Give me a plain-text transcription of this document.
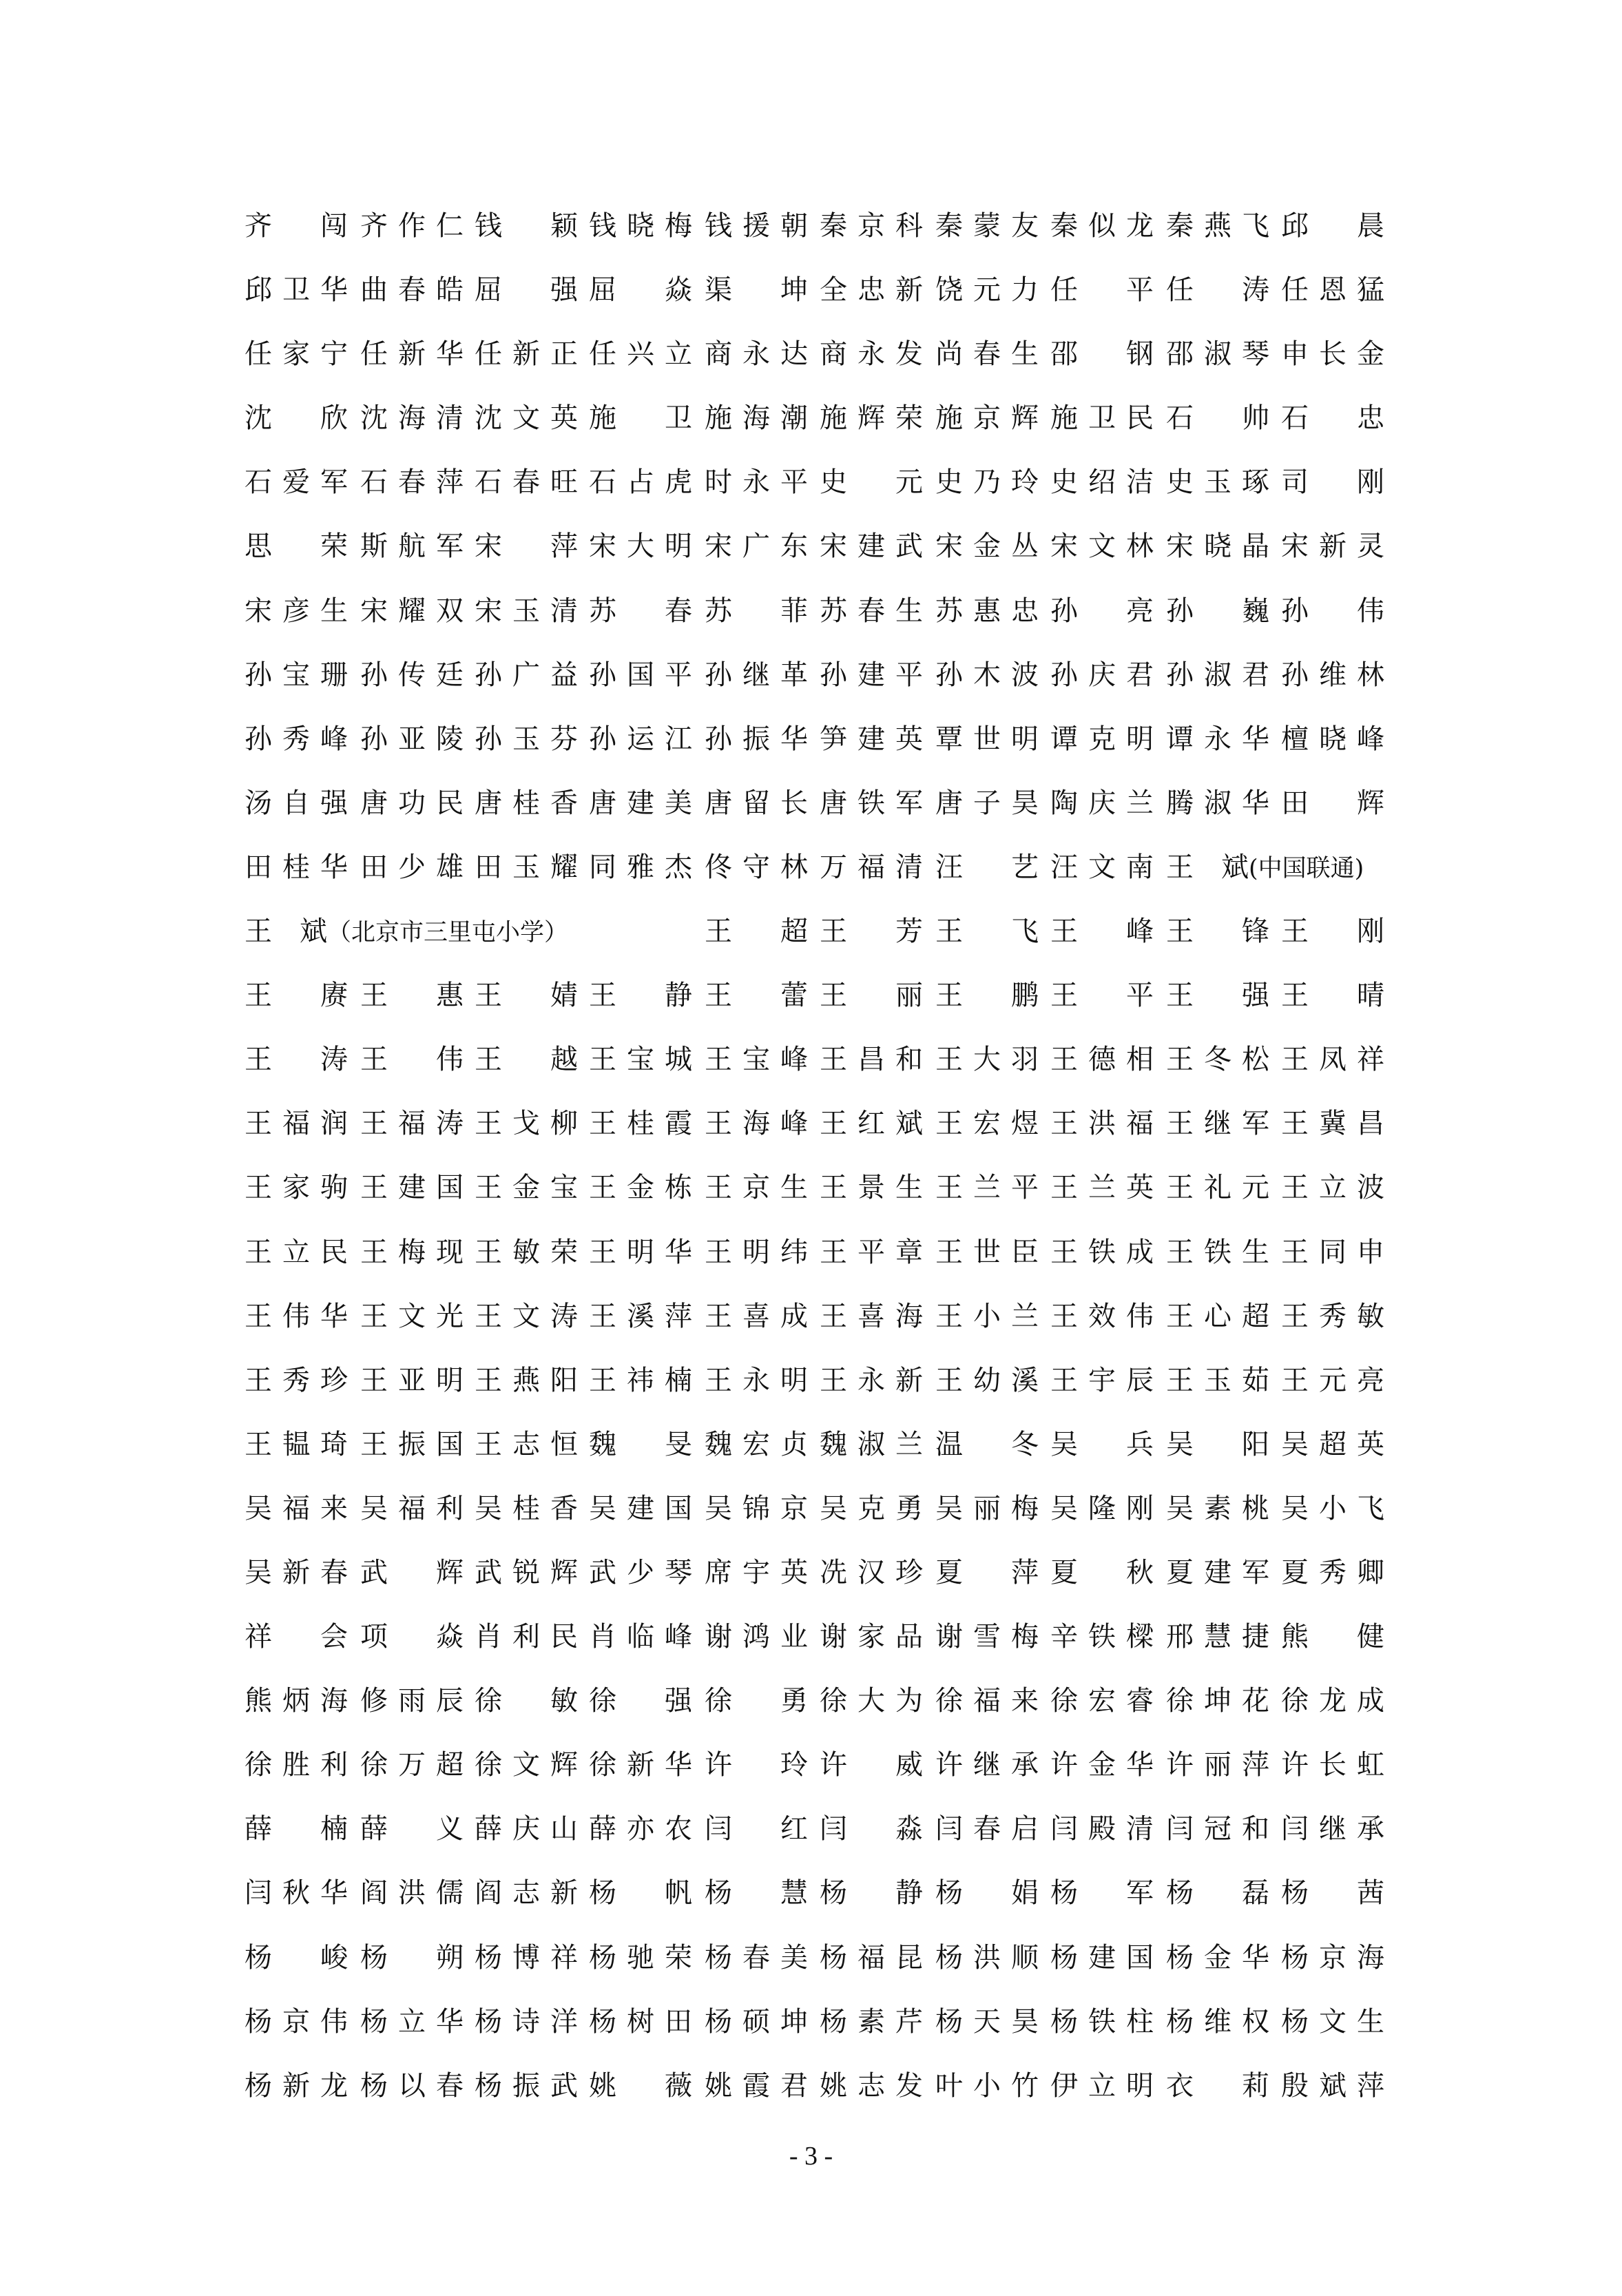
齐　闯 齐作仁 钱　颖 钱晓梅 钱援朝 秦京科 秦蒙友 秦似龙 秦燕飞 邱　晨
邱卫华 曲春皓 屈　强 屈　焱 渠　坤 全忠新 饶元力 任　平 任　涛 任恩猛
任家宁 任新华 任新正 任兴立 商永达 商永发 尚春生 邵　钢 邵淑琴 申长金
沈　欣 沈海清 沈文英 施　卫 施海潮 施辉荣 施京辉 施卫民 石　帅 石　忠
石爱军 石春萍 石春旺 石占虎 时永平 史　元 史乃玲 史绍洁 史玉琢 司　刚
思　荣 斯航军 宋　萍 宋大明 宋广东 宋建武 宋金丛 宋文林 宋晓晶 宋新灵
宋彦生 宋耀双 宋玉清 苏　春 苏　菲 苏春生 苏惠忠 孙　亮 孙　巍 孙　伟
孙宝珊 孙传廷 孙广益 孙国平 孙继革 孙建平 孙木波 孙庆君 孙淑君 孙维林
孙秀峰 孙亚陵 孙玉芬 孙运江 孙振华 笋建英 覃世明 谭克明 谭永华 檀晓峰
汤自强 唐功民 唐桂香 唐建美 唐留长 唐铁军 唐子昊 陶庆兰 腾淑华 田　辉
田桂华 田少雄 田玉耀 同雅杰 佟守林 万福清 汪　艺 汪文南 王　斌(中国联通)
王　斌（北京市三里屯小学）	王　超 王　芳 王　飞 王　峰 王　锋 王　刚
王　赓 王　惠 王　婧 王　静 王　蕾 王　丽 王　鹏 王　平 王　强 王　晴
王　涛 王　伟 王　越 王宝城 王宝峰 王昌和 王大羽 王德相 王冬松 王凤祥
王福润 王福涛 王戈柳 王桂霞 王海峰 王红斌 王宏煜 王洪福 王继军 王冀昌
王家驹 王建国 王金宝 王金栋 王京生 王景生 王兰平 王兰英 王礼元 王立波
王立民 王梅现 王敏荣 王明华 王明纬 王平章 王世臣 王铁成 王铁生 王同申
王伟华 王文光 王文涛 王溪萍 王喜成 王喜海 王小兰 王效伟 王心超 王秀敏
王秀珍 王亚明 王燕阳 王祎楠 王永明 王永新 王幼溪 王宇辰 王玉茹 王元亮
王韫琦 王振国 王志恒 魏　旻 魏宏贞 魏淑兰 温　冬 吴　兵 吴　阳 吴超英
吴福来 吴福利 吴桂香 吴建国 吴锦京 吴克勇 吴丽梅 吴隆刚 吴素桃 吴小飞
吴新春 武　辉 武锐辉 武少琴 席宇英 冼汉珍 夏　萍 夏　秋 夏建军 夏秀卿
祥　会 项　焱 肖利民 肖临峰 谢鸿业 谢家品 谢雪梅 辛铁樑 邢慧捷 熊　健
熊炳海 修雨辰 徐　敏 徐　强 徐　勇 徐大为 徐福来 徐宏睿 徐坤花 徐龙成
徐胜利 徐万超 徐文辉 徐新华 许　玲 许　威 许继承 许金华 许丽萍 许长虹
薛　楠 薛　义 薛庆山 薛亦农 闫　红 闫　淼 闫春启 闫殿清 闫冠和 闫继承
闫秋华 阎洪儒 阎志新 杨　帆 杨　慧 杨　静 杨　娟 杨　军 杨　磊 杨　茜
杨　峻 杨　朔 杨博祥 杨驰荣 杨春美 杨福昆 杨洪顺 杨建国 杨金华 杨京海
杨京伟 杨立华 杨诗洋 杨树田 杨硕坤 杨素芹 杨天昊 杨铁柱 杨维权 杨文生
杨新龙 杨以春 杨振武 姚　薇 姚霞君 姚志发 叶小竹 伊立明 衣　莉 殷斌萍
- 3 -
